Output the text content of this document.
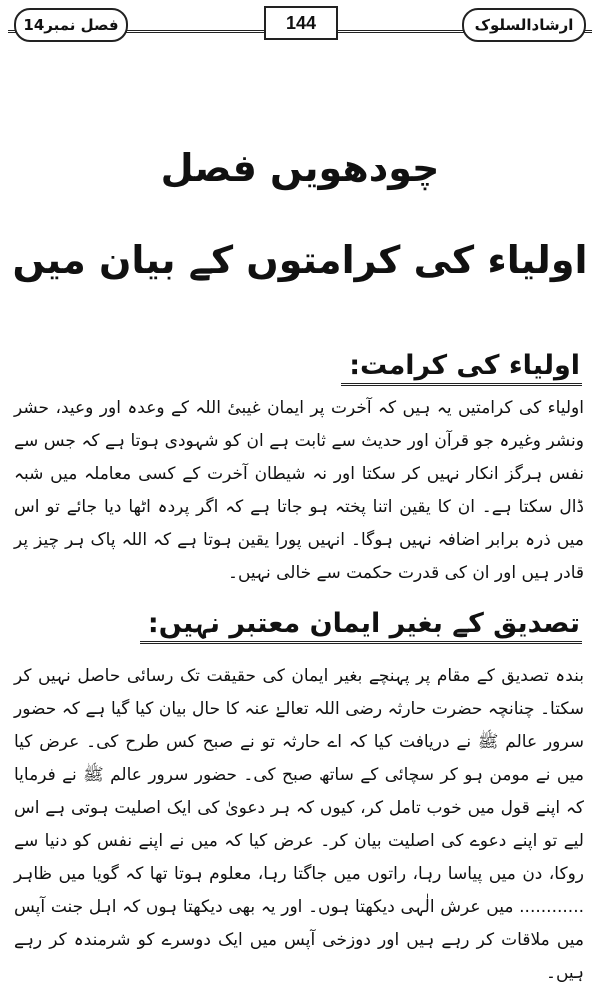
فصل نمبر14	144	ارشادالسلوک
چودھویں فصل
اولیاء کی کرامتوں کے بیان میں
اولیاء کی کرامت:

اولیاء کی کرامتیں یہ ہیں کہ آخرت پر ایمان غیبیٔ اللہ کے وعدہ اور وعید، حشر ونشر وغیرہ جو قرآن اور حدیث سے ثابت ہے ان کو شہودی ہوتا ہے کہ جس سے نفس ہرگز انکار نہیں کر سکتا اور نہ شیطان آخرت کے کسی معاملہ میں شبہ ڈال سکتا ہے۔ ان کا یقین اتنا پختہ ہو جاتا ہے کہ اگر پردہ اٹھا دیا جائے تو اس میں ذرہ برابر اضافہ نہیں ہوگا۔ انہیں پورا یقین ہوتا ہے کہ اللہ پاک ہر چیز پر قادر ہیں اور ان کی قدرت حکمت سے خالی نہیں۔

تصدیق کے بغیر ایمان معتبر نہیں:

بندہ تصدیق کے مقام پر پہنچے بغیر ایمان کی حقیقت تک رسائی حاصل نہیں کر سکتا۔ چنانچہ حضرت حارثہ رضی اللہ تعالےٰ عنہ کا حال بیان کیا گیا ہے کہ حضور سرور عالم ﷺ نے دریافت کیا کہ اے حارثہ تو نے صبح کس طرح کی۔ عرض کیا میں نے مومن ہو کر سچائی کے ساتھ صبح کی۔ حضور سرور عالم ﷺ نے فرمایا کہ اپنے قول میں خوب تامل کر، کیوں کہ ہر دعویٰ کی ایک اصلیت ہوتی ہے اس لیے تو اپنے دعوے کی اصلیت بیان کر۔ عرض کیا کہ میں نے اپنے نفس کو دنیا سے روکا، دن میں پیاسا رہا، راتوں میں جاگتا رہا، معلوم ہوتا تھا کہ گویا میں ظاہر ............ میں عرش الٰہی دیکھتا ہوں۔ اور یہ بھی دیکھتا ہوں کہ اہل جنت آپس میں ملاقات کر رہے ہیں اور دوزخی آپس میں ایک دوسرے کو شرمندہ کر رہے ہیں۔
